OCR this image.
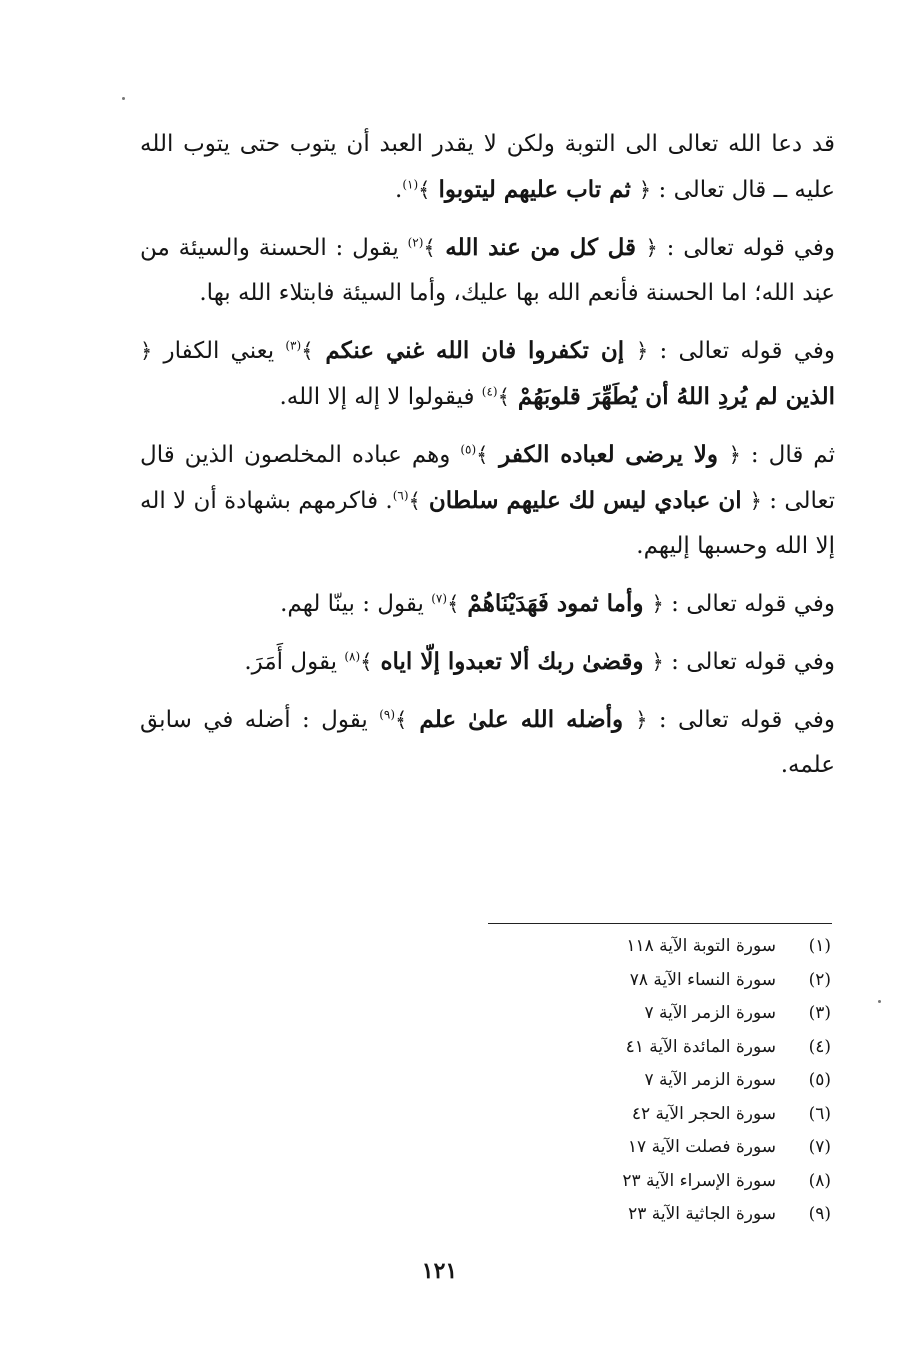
قد دعا الله تعالى الى التوبة ولكن لا يقدر العبد أن يتوب حتى يتوب الله عليه ــ قال تعالى : ﴿ ثم تاب عليهم ليتوبوا ﴾$^{(١)}$.

وفي قوله تعالى : ﴿ قل كل من عند الله ﴾$^{(٢)}$ يقول : الحسنة والسيئة من عند الله؛ اما الحسنة فأنعم الله بها عليك، وأما السيئة فابتلاء الله بها.

وفي قوله تعالى : ﴿ إن تكفروا فان الله غني عنكم ﴾$^{(٣)}$ يعني الكفار ﴿ الذين لم يُردِ اللهُ أن يُطَهِّرَ قلوبَهُمْ ﴾$^{(٤)}$ فيقولوا لا إله إلا الله.

ثم قال : ﴿ ولا يرضى لعباده الكفر ﴾$^{(٥)}$ وهم عباده المخلصون الذين قال تعالى : ﴿ ان عبادي ليس لك عليهم سلطان ﴾$^{(٦)}$. فاكرمهم بشهادة أن لا اله إلا الله وحسبها إليهم.

وفي قوله تعالى : ﴿ وأما ثمود فَهَدَيْنَاهُمْ ﴾$^{(٧)}$ يقول : بينّا لهم.

وفي قوله تعالى : ﴿ وقضىٰ ربك ألا تعبدوا إلّا اياه ﴾$^{(٨)}$ يقول أَمَرَ.

وفي قوله تعالى : ﴿ وأضله الله علىٰ علم ﴾$^{(٩)}$ يقول : أضله في سابق علمه.

(١)
سورة التوبة الآية ١١٨
(٢)
سورة النساء الآية ٧٨
(٣)
سورة الزمر الآية ٧
(٤)
سورة المائدة الآية ٤١
(٥)
سورة الزمر الآية ٧
(٦)
سورة الحجر الآية ٤٢
(٧)
سورة فصلت الآية ١٧
(٨)
سورة الإسراء الآية ٢٣
(٩)
سورة الجاثية الآية ٢٣
١٢١
